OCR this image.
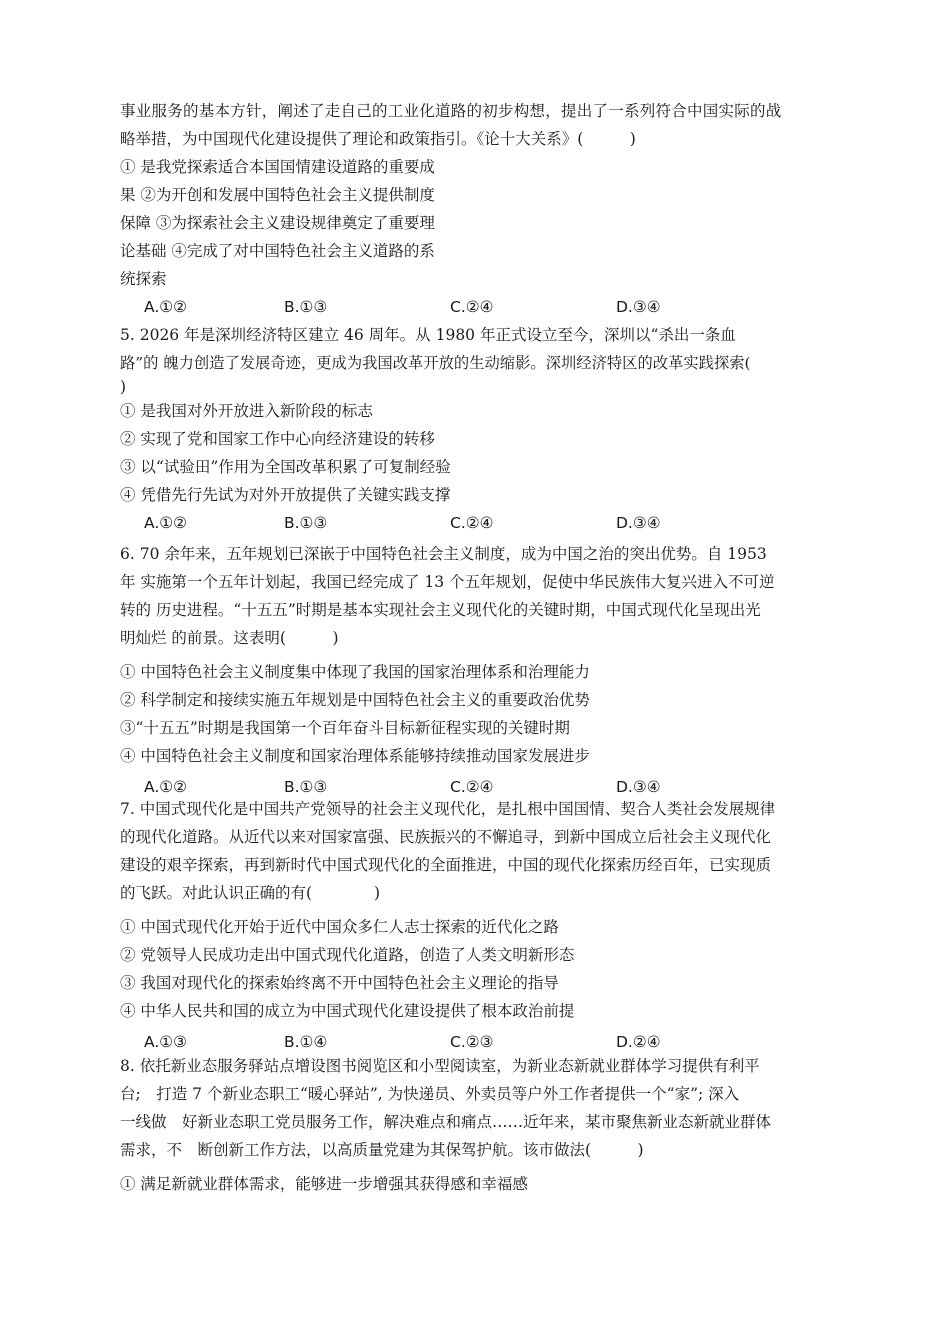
事业服务的基本方针，阐述了走自己的工业化道路的初步构想，提出了一系列符合中国实际的战
略举措，为中国现代化建设提供了理论和政策指引。《论十大关系》(　　　)
① 是我党探索适合本国国情建设道路的重要成
果 ②为开创和发展中国特色社会主义提供制度
保障 ③为探索社会主义建设规律奠定了重要理
论基础 ④完成了对中国特色社会主义道路的系
统探索
A.①②	B.①③	C.②④	D.③④
5. 2026 年是深圳经济特区建立 46 周年。从 1980 年正式设立至今，深圳以“杀出一条血
路”的 魄力创造了发展奇迹，更成为我国改革开放的生动缩影。深圳经济特区的改革实践探索(
)
① 是我国对外开放进入新阶段的标志
② 实现了党和国家工作中心向经济建设的转移
③ 以“试验田”作用为全国改革积累了可复制经验
④ 凭借先行先试为对外开放提供了关键实践支撑
A.①②	B.①③	C.②④	D.③④
6. 70 余年来，五年规划已深嵌于中国特色社会主义制度，成为中国之治的突出优势。自 1953
年 实施第一个五年计划起，我国已经完成了 13 个五年规划，促使中华民族伟大复兴进入不可逆
转的 历史进程。“十五五”时期是基本实现社会主义现代化的关键时期，中国式现代化呈现出光
明灿烂 的前景。这表明(　　　)
① 中国特色社会主义制度集中体现了我国的国家治理体系和治理能力
② 科学制定和接续实施五年规划是中国特色社会主义的重要政治优势
③“十五五”时期是我国第一个百年奋斗目标新征程实现的关键时期
④ 中国特色社会主义制度和国家治理体系能够持续推动国家发展进步
A.①②	B.①③	C.②④	D.③④
7. 中国式现代化是中国共产党领导的社会主义现代化，是扎根中国国情、契合人类社会发展规律
的现代化道路。从近代以来对国家富强、民族振兴的不懈追寻，到新中国成立后社会主义现代化
建设的艰辛探索，再到新时代中国式现代化的全面推进，中国的现代化探索历经百年，已实现质
的飞跃。对此认识正确的有(　　　　)
① 中国式现代化开始于近代中国众多仁人志士探索的近代化之路
② 党领导人民成功走出中国式现代化道路，创造了人类文明新形态
③ 我国对现代化的探索始终离不开中国特色社会主义理论的指导
④ 中华人民共和国的成立为中国式现代化建设提供了根本政治前提
A.①③	B.①④	C.②③	D.②④
8. 依托新业态服务驿站点增设图书阅览区和小型阅读室，为新业态新就业群体学习提供有利平
台;　打造 7 个新业态职工“暖心驿站”, 为快递员、外卖员等户外工作者提供一个“家”; 深入
一线做　好新业态职工党员服务工作，解决难点和痛点……近年来，某市聚焦新业态新就业群体
需求，不　断创新工作方法，以高质量党建为其保驾护航。该市做法(　　　)
① 满足新就业群体需求，能够进一步增强其获得感和幸福感
